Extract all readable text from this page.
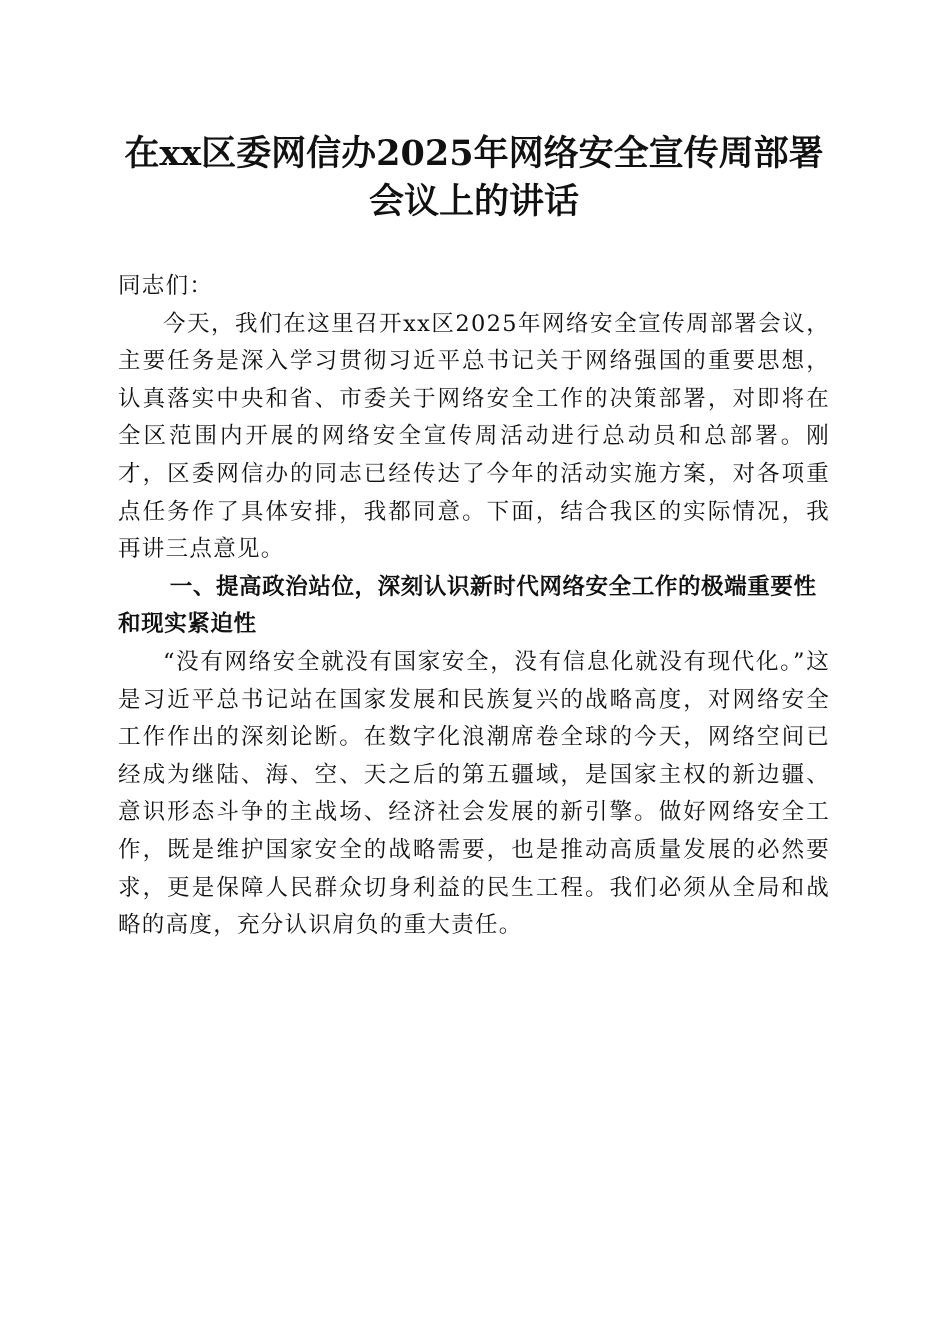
在xx区委网信办2025年网络安全宣传周部署
会议上的讲话

同志们：

今天，我们在这里召开xx区2025年网络安全宣传周部署会议，主要任务是深入学习贯彻习近平总书记关于网络强国的重要思想，认真落实中央和省、市委关于网络安全工作的决策部署，对即将在全区范围内开展的网络安全宣传周活动进行总动员和总部署。刚才，区委网信办的同志已经传达了今年的活动实施方案，对各项重点任务作了具体安排，我都同意。下面，结合我区的实际情况，我再讲三点意见。

一、提高政治站位，深刻认识新时代网络安全工作的极端重要性和现实紧迫性

“没有网络安全就没有国家安全，没有信息化就没有现代化。”这是习近平总书记站在国家发展和民族复兴的战略高度，对网络安全工作作出的深刻论断。在数字化浪潮席卷全球的今天，网络空间已经成为继陆、海、空、天之后的第五疆域，是国家主权的新边疆、意识形态斗争的主战场、经济社会发展的新引擎。做好网络安全工作，既是维护国家安全的战略需要，也是推动高质量发展的必然要求，更是保障人民群众切身利益的民生工程。我们必须从全局和战略的高度，充分认识肩负的重大责任。
